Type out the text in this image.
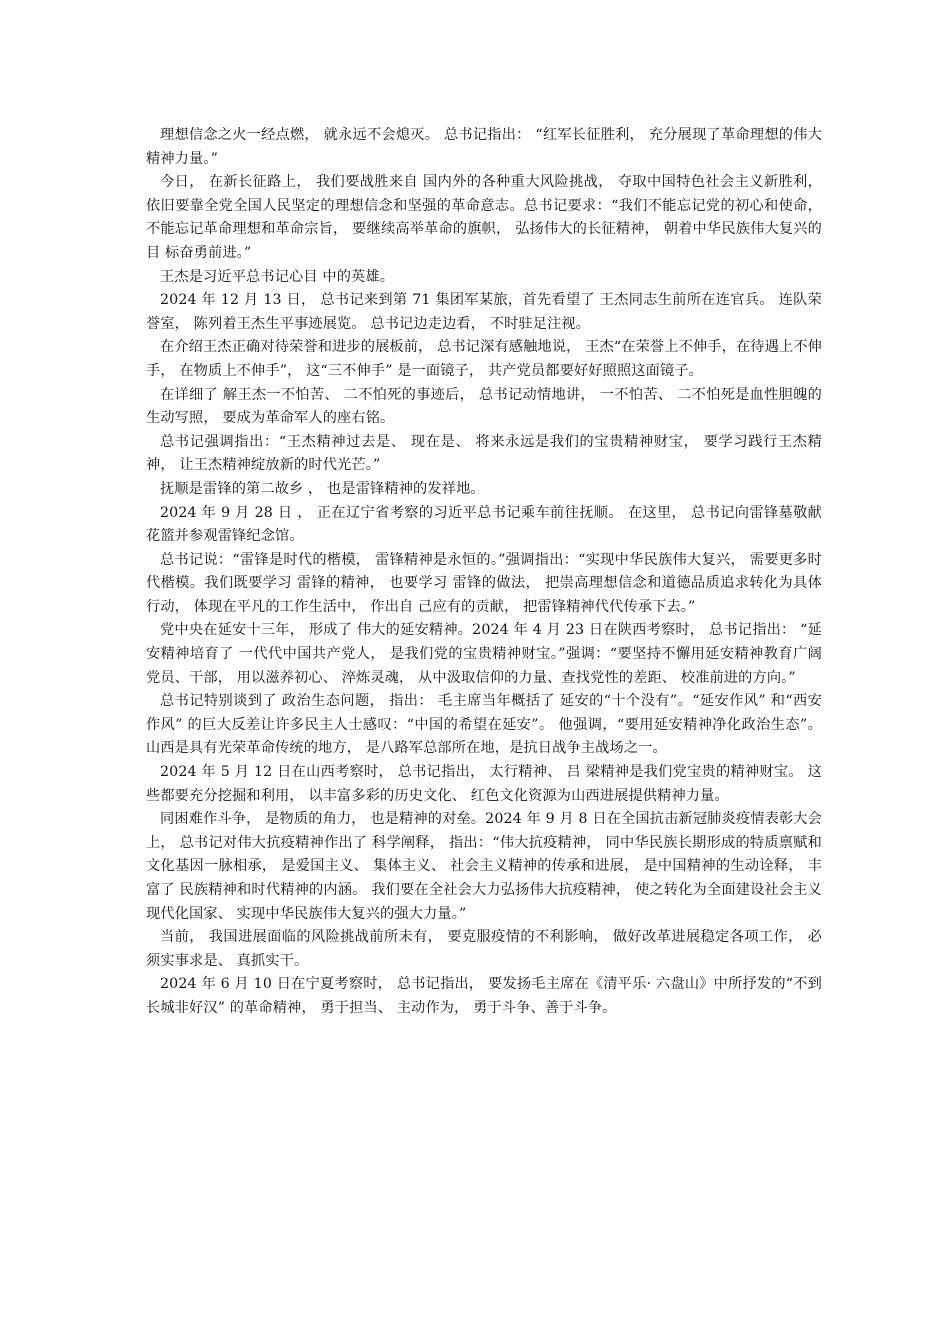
理想信念之火一经点燃， 就永远不会熄灭。 总书记指出： “红军长征胜利， 充分展现了革命理想的伟大精神力量。”

今日， 在新长征路上， 我们要战胜来自 国内外的各种重大风险挑战， 夺取中国特色社会主义新胜利， 依旧要靠全党全国人民坚定的理想信念和坚强的革命意志。总书记要求：“我们不能忘记党的初心和使命， 不能忘记革命理想和革命宗旨， 要继续高举革命的旗帜， 弘扬伟大的长征精神， 朝着中华民族伟大复兴的目 标奋勇前进。”

王杰是习近平总书记心目 中的英雄。

2024 年 12 月 13 日， 总书记来到第 71 集团军某旅，首先看望了 王杰同志生前所在连官兵。 连队荣誉室， 陈列着王杰生平事迹展览。 总书记边走边看， 不时驻足注视。

在介绍王杰正确对待荣誉和进步的展板前， 总书记深有感触地说， 王杰“在荣誉上不伸手，在待遇上不伸手， 在物质上不伸手”， 这“三不伸手” 是一面镜子， 共产党员都要好好照照这面镜子。

在详细了 解王杰一不怕苦、 二不怕死的事迹后， 总书记动情地讲， 一不怕苦、 二不怕死是血性胆魄的生动写照， 要成为革命军人的座右铭。

总书记强调指出：“王杰精神过去是、 现在是、 将来永远是我们的宝贵精神财宝， 要学习践行王杰精神， 让王杰精神绽放新的时代光芒。”

抚顺是雷锋的第二故乡 ， 也是雷锋精神的发祥地。

2024 年 9 月 28 日 ， 正在辽宁省考察的习近平总书记乘车前往抚顺。 在这里， 总书记向雷锋墓敬献花篮并参观雷锋纪念馆。

总书记说：“雷锋是时代的楷模， 雷锋精神是永恒的。”强调指出：“实现中华民族伟大复兴， 需要更多时代楷模。我们既要学习 雷锋的精神， 也要学习 雷锋的做法， 把崇高理想信念和道德品质追求转化为具体行动， 体现在平凡的工作生活中， 作出自 己应有的贡献， 把雷锋精神代代传承下去。”

党中央在延安十三年， 形成了 伟大的延安精神。2024 年 4 月 23 日在陕西考察时， 总书记指出： “延安精神培育了 一代代中国共产党人， 是我们党的宝贵精神财宝。”强调：“要坚持不懈用延安精神教育广阔党员、干部， 用以滋养初心、 淬炼灵魂， 从中汲取信仰的力量、查找党性的差距、 校准前进的方向。”

总书记特别谈到了 政治生态问题， 指出： 毛主席当年概括了 延安的“十个没有”。“延安作风” 和“西安作风” 的巨大反差让许多民主人士感叹：“中国的希望在延安”。 他强调，“要用延安精神净化政治生态”。山西是具有光荣革命传统的地方， 是八路军总部所在地，是抗日战争主战场之一。

2024 年 5 月 12 日在山西考察时， 总书记指出， 太行精神、 吕 梁精神是我们党宝贵的精神财宝。 这些都要充分挖掘和利用， 以丰富多彩的历史文化、 红色文化资源为山西进展提供精神力量。

同困难作斗争， 是物质的角力， 也是精神的对垒。2024 年 9 月 8 日在全国抗击新冠肺炎疫情表彰大会上， 总书记对伟大抗疫精神作出了 科学阐释， 指出：“伟大抗疫精神， 同中华民族长期形成的特质禀赋和文化基因一脉相承， 是爱国主义、 集体主义、 社会主义精神的传承和进展， 是中国精神的生动诠释， 丰富了 民族精神和时代精神的内涵。 我们要在全社会大力弘扬伟大抗疫精神， 使之转化为全面建设社会主义现代化国家、 实现中华民族伟大复兴的强大力量。”

当前， 我国进展面临的风险挑战前所未有， 要克服疫情的不利影响， 做好改革进展稳定各项工作， 必须实事求是、 真抓实干。

2024 年 6 月 10 日在宁夏考察时， 总书记指出， 要发扬毛主席在《清平乐· 六盘山》中所抒发的“不到长城非好汉” 的革命精神， 勇于担当、 主动作为， 勇于斗争、善于斗争。
